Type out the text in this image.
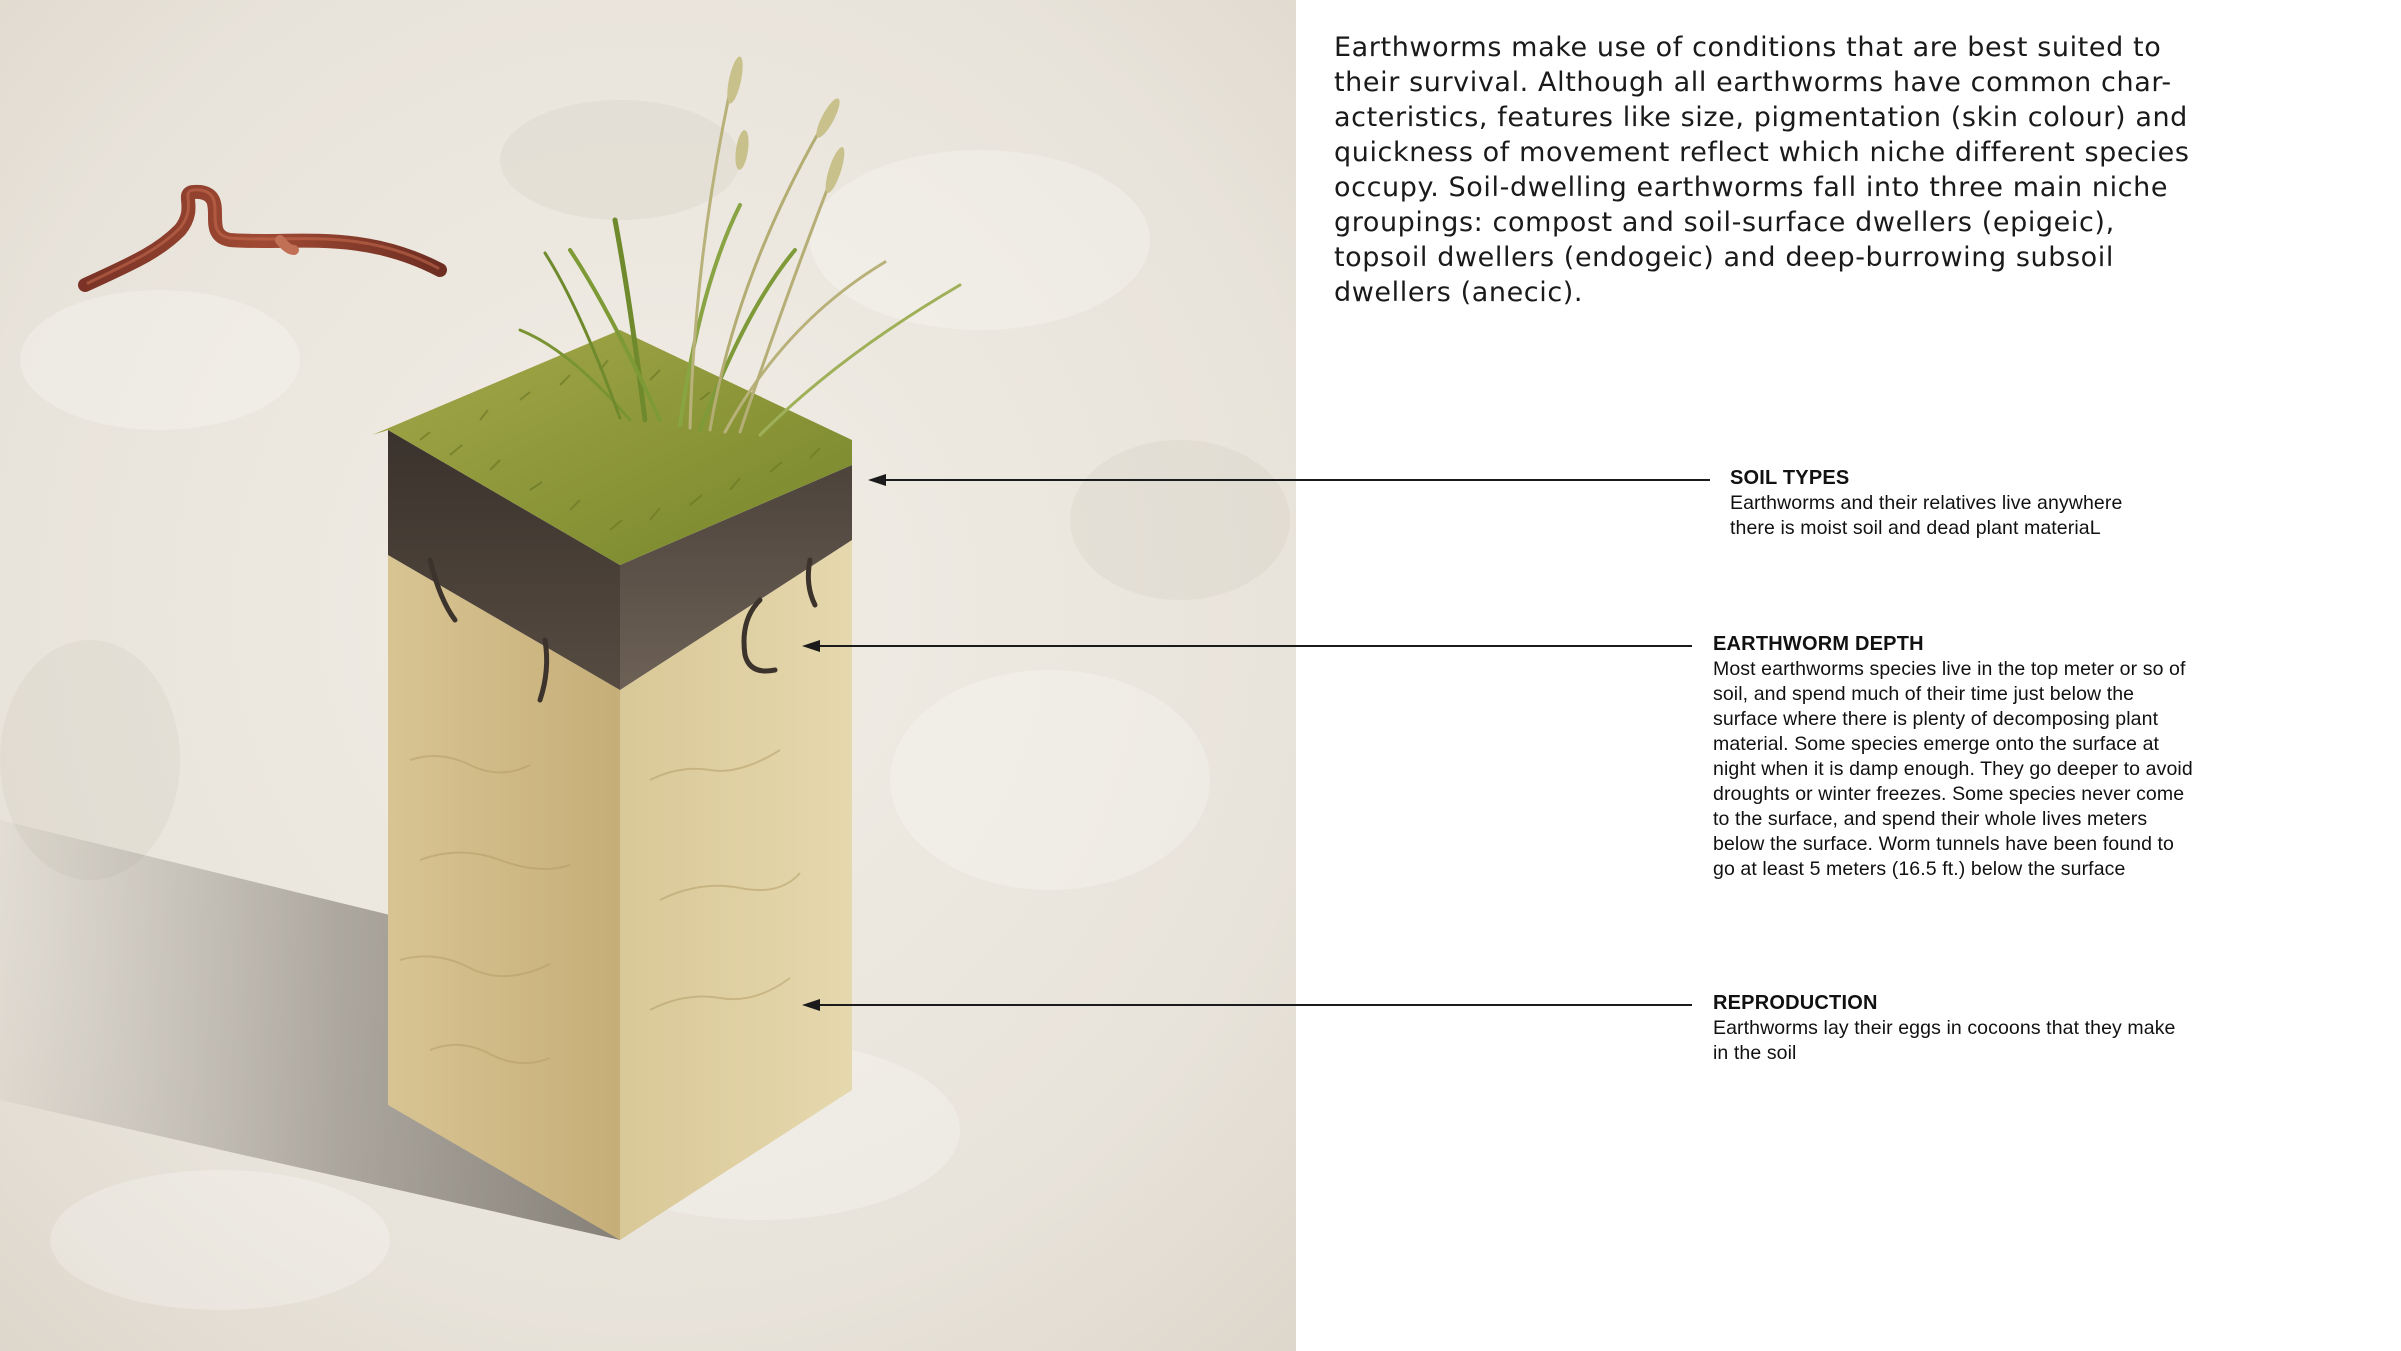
Earthworms make use of conditions that are best suited to their survival. Although all earthworms have common char-acteristics, features like size, pigmentation (skin colour) and quickness of movement reflect which niche different species occupy. Soil-dwelling earthworms fall into three main niche groupings: compost and soil-surface dwellers (epigeic), topsoil dwellers (endogeic) and deep-burrowing subsoil dwellers (anecic).

SOIL TYPES

Earthworms and their relatives live anywhere there is moist soil and dead plant materiaL

EARTHWORM DEPTH

Most earthworms species live in the top meter or so of soil, and spend much of their time just below the surface where there is plenty of decomposing plant material. Some species emerge onto the surface at night when it is damp enough. They go deeper to avoid droughts or winter freezes. Some species never come to the surface, and spend their whole lives meters below the surface. Worm tunnels have been found to go at least 5 meters (16.5 ft.) below the surface

REPRODUCTION

Earthworms lay their eggs in cocoons that they make in the soil
